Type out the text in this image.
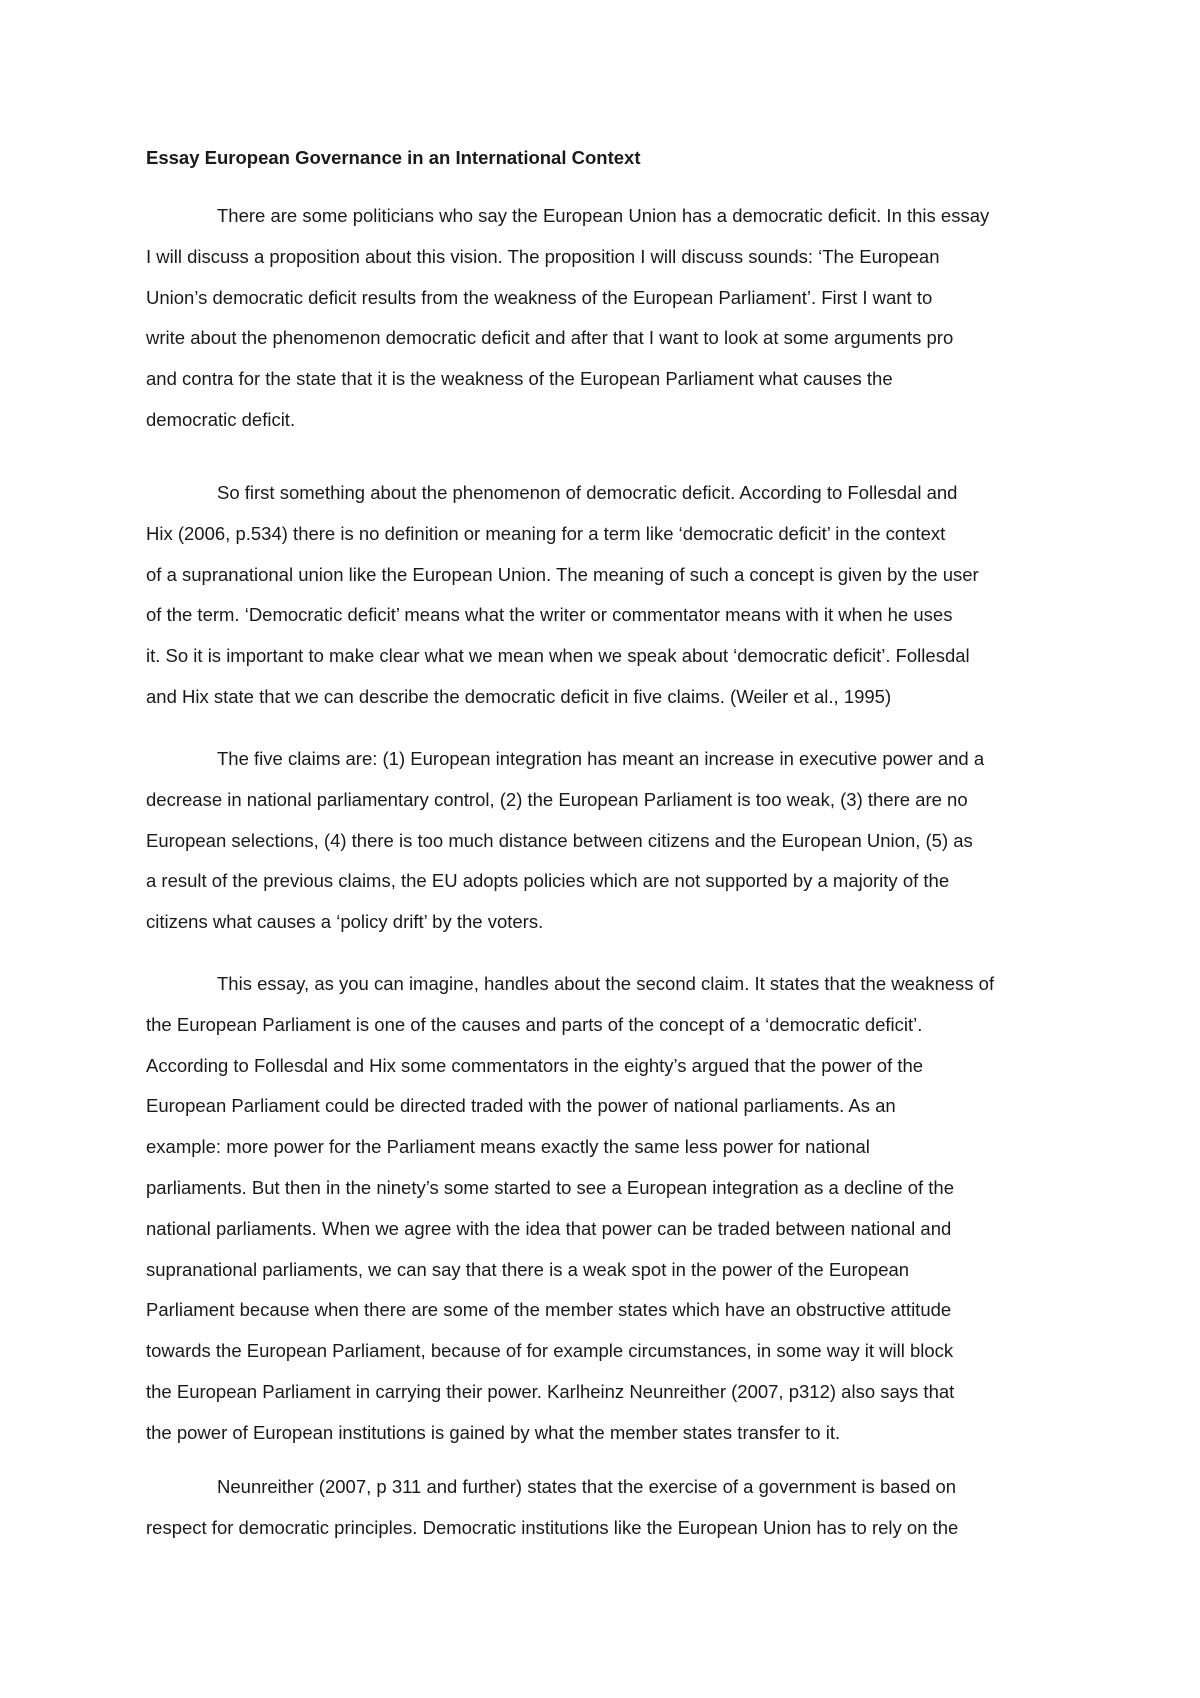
Essay European Governance in an International Context
There are some politicians who say the European Union has a democratic deficit. In this essay
I will discuss a proposition about this vision. The proposition I will discuss sounds: ‘The European
Union’s democratic deficit results from the weakness of the European Parliament’. First I want to
write about the phenomenon democratic deficit and after that I want to look at some arguments pro
and contra for the state that it is the weakness of the European Parliament what causes the
democratic deficit.
So first something about the phenomenon of democratic deficit. According to Follesdal and
Hix (2006, p.534) there is no definition or meaning for a term like ‘democratic deficit’ in the context
of a supranational union like the European Union. The meaning of such a concept is given by the user
of the term. ‘Democratic deficit’ means what the writer or commentator means with it when he uses
it. So it is important to make clear what we mean when we speak about ‘democratic deficit’. Follesdal
and Hix state that we can describe the democratic deficit in five claims. (Weiler et al., 1995)
The five claims are: (1) European integration has meant an increase in executive power and a
decrease in national parliamentary control, (2) the European Parliament is too weak, (3) there are no
European selections, (4) there is too much distance between citizens and the European Union, (5) as
a result of the previous claims, the EU adopts policies which are not supported by a majority of the
citizens what causes a ‘policy drift’ by the voters.
This essay, as you can imagine, handles about the second claim. It states that the weakness of
the European Parliament is one of the causes and parts of the concept of a ‘democratic deficit’.
According to Follesdal and Hix some commentators in the eighty’s argued that the power of the
European Parliament could be directed traded with the power of national parliaments. As an
example: more power for the Parliament means exactly the same less power for national
parliaments. But then in the ninety’s some started to see a European integration as a decline of the
national parliaments. When we agree with the idea that power can be traded between national and
supranational parliaments, we can say that there is a weak spot in the power of the European
Parliament because when there are some of the member states which have an obstructive attitude
towards the European Parliament, because of for example circumstances, in some way it will block
the European Parliament in carrying their power. Karlheinz Neunreither (2007, p312) also says that
the power of European institutions is gained by what the member states transfer to it.
Neunreither (2007, p 311 and further) states that the exercise of a government is based on
respect for democratic principles. Democratic institutions like the European Union has to rely on the
